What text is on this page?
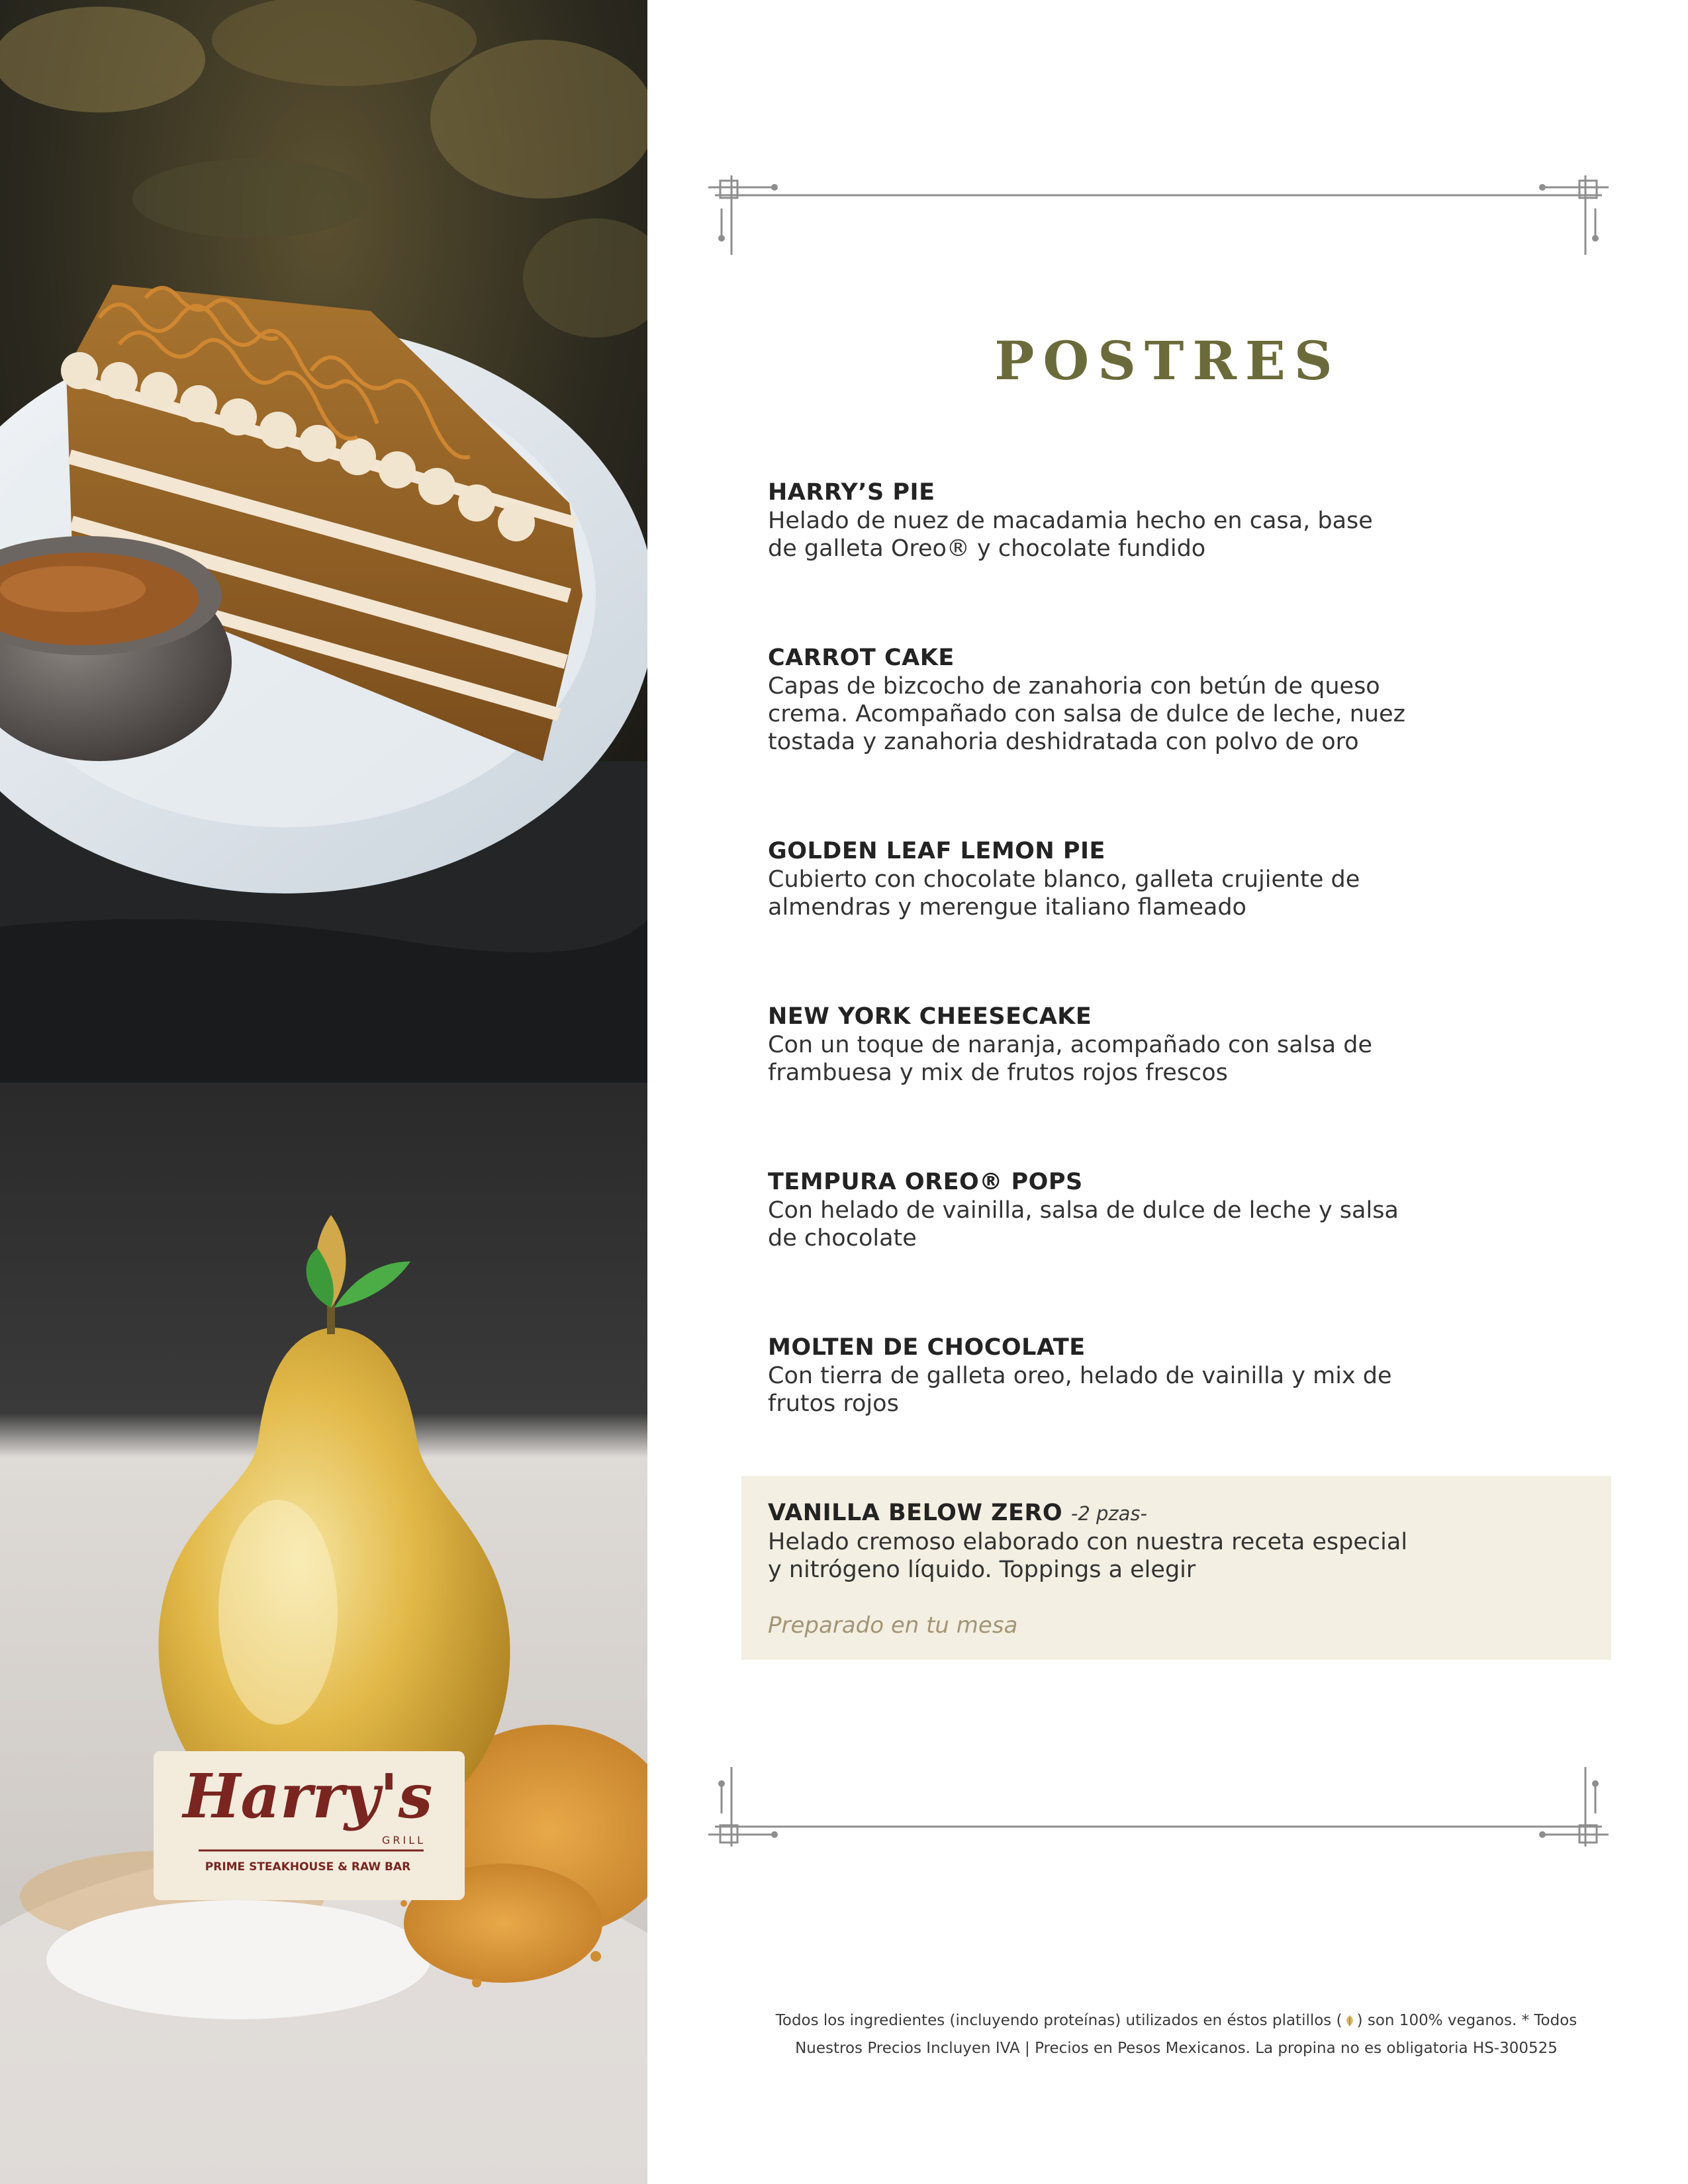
Harry's
GRILL
PRIME STEAKHOUSE & RAW BAR
POSTRES

HARRY’S PIE

Helado de nuez de macadamia hecho en casa, base

de galleta Oreo® y chocolate fundido

CARROT CAKE

Capas de bizcocho de zanahoria con betún de queso

crema. Acompañado con salsa de dulce de leche, nuez

tostada y zanahoria deshidratada con polvo de oro

GOLDEN LEAF LEMON PIE

Cubierto con chocolate blanco, galleta crujiente de

almendras y merengue italiano flameado

NEW YORK CHEESECAKE

Con un toque de naranja, acompañado con salsa de

frambuesa y mix de frutos rojos frescos

TEMPURA OREO® POPS

Con helado de vainilla, salsa de dulce de leche y salsa

de chocolate

MOLTEN DE CHOCOLATE

Con tierra de galleta oreo, helado de vainilla y mix de

frutos rojos

VANILLA BELOW ZERO -2 pzas-

Helado cremoso elaborado con nuestra receta especial

y nitrógeno líquido. Toppings a elegir

Preparado en tu mesa

Todos los ingredientes (incluyendo proteínas) utilizados en éstos platillos ( ) son 100% veganos. * Todos
Nuestros Precios Incluyen IVA | Precios en Pesos Mexicanos. La propina no es obligatoria HS-300525
